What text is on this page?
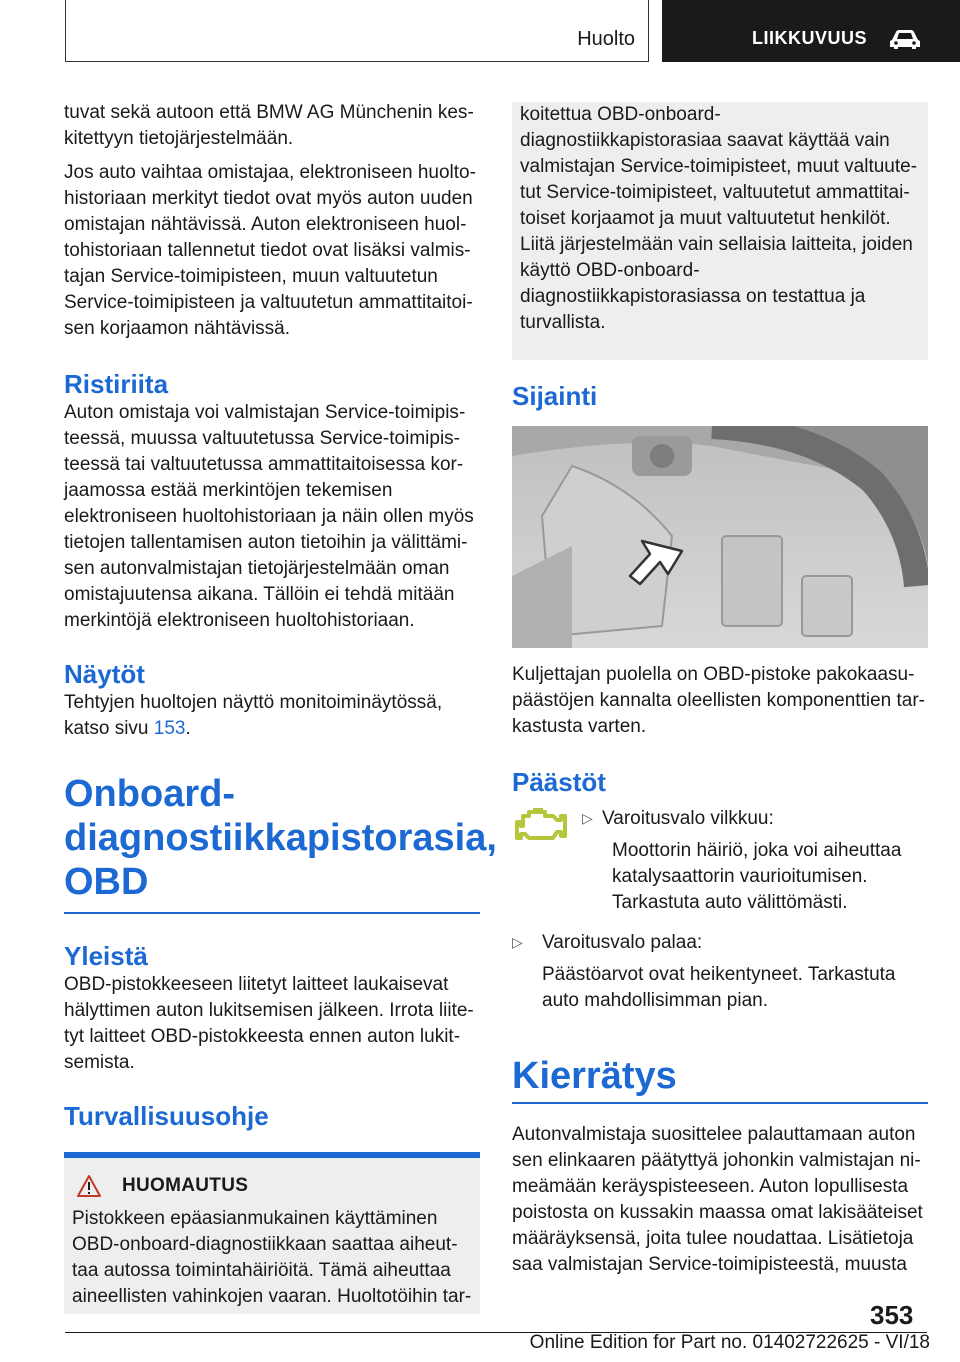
Huolto	LIIKKUVUUS

tuvat sekä autoon että BMW AG Münchenin keskitettyyn tietojärjestelmään.

Jos auto vaihtaa omistajaa, elektroniseen huoltohistoriaan merkityt tiedot ovat myös auton uuden omistajan nähtävissä. Auton elektroniseen huoltohistoriaan tallennetut tiedot ovat lisäksi valmistajan Service-toimipisteen, muun valtuutetun Service-toimipisteen ja valtuutetun ammattitaitoisen korjaamon nähtävissä.

Ristiriita

Auton omistaja voi valmistajan Service-toimipisteessä, muussa valtuutetussa Service-toimipisteessä tai valtuutetussa ammattitaitoisessa korjaamossa estää merkintöjen tekemisen elektroniseen huoltohistoriaan ja näin ollen myös tietojen tallentamisen auton tietoihin ja välittämisen autonvalmistajan tietojärjestelmään oman omistajuutensa aikana. Tällöin ei tehdä mitään merkintöjä elektroniseen huoltohistoriaan.

Näytöt

Tehtyjen huoltojen näyttö monitoiminäytössä, katso sivu 153.

Onboard-diagnostiikkapistorasia, OBD
Yleistä

OBD-pistokkeeseen liitetyt laitteet laukaisevat hälyttimen auton lukitsemisen jälkeen. Irrota liitetyt laitteet OBD-pistokkeesta ennen auton lukitsemista.

Turvallisuusohje
HUOMAUTUS

Pistokkeen epäasianmukainen käyttäminen OBD-onboard-diagnostiikkaan saattaa aiheuttaa autossa toimintahäiriöitä. Tämä aiheuttaa aineellisten vahinkojen vaaran. Huoltotöihin tar-

koitettua OBD-onboard-diagnostiikkapistorasiaa saavat käyttää vain valmistajan Service-toimipisteet, muut valtuutetut Service-toimipisteet, valtuutetut ammattitaitoiset korjaamot ja muut valtuutetut henkilöt. Liitä järjestelmään vain sellaisia laitteita, joiden käyttö OBD-onboard-diagnostiikkapistorasiassa on testattua ja turvallista.

Sijainti

Kuljettajan puolella on OBD-pistoke pakokaasupäästöjen kannalta oleellisten komponenttien tarkastusta varten.

Päästöt
▷ Varoitusvalo vilkkuu:

Moottorin häiriö, joka voi aiheuttaa katalysaattorin vaurioitumisen. Tarkastuta auto välittömästi.

▷	Varoitusvalo palaa:

Päästöarvot ovat heikentyneet. Tarkastuta auto mahdollisimman pian.

Kierrätys

Autonvalmistaja suosittelee palauttamaan auton sen elinkaaren päätyttyä johonkin valmistajan nimeämään keräyspisteeseen. Auton lopullisesta poistosta on kussakin maassa omat lakisääteiset määräyksensä, joita tulee noudattaa. Lisätietoja saa valmistajan Service-toimipisteestä, muusta

353
Online Edition for Part no. 01402722625 - VI/18
